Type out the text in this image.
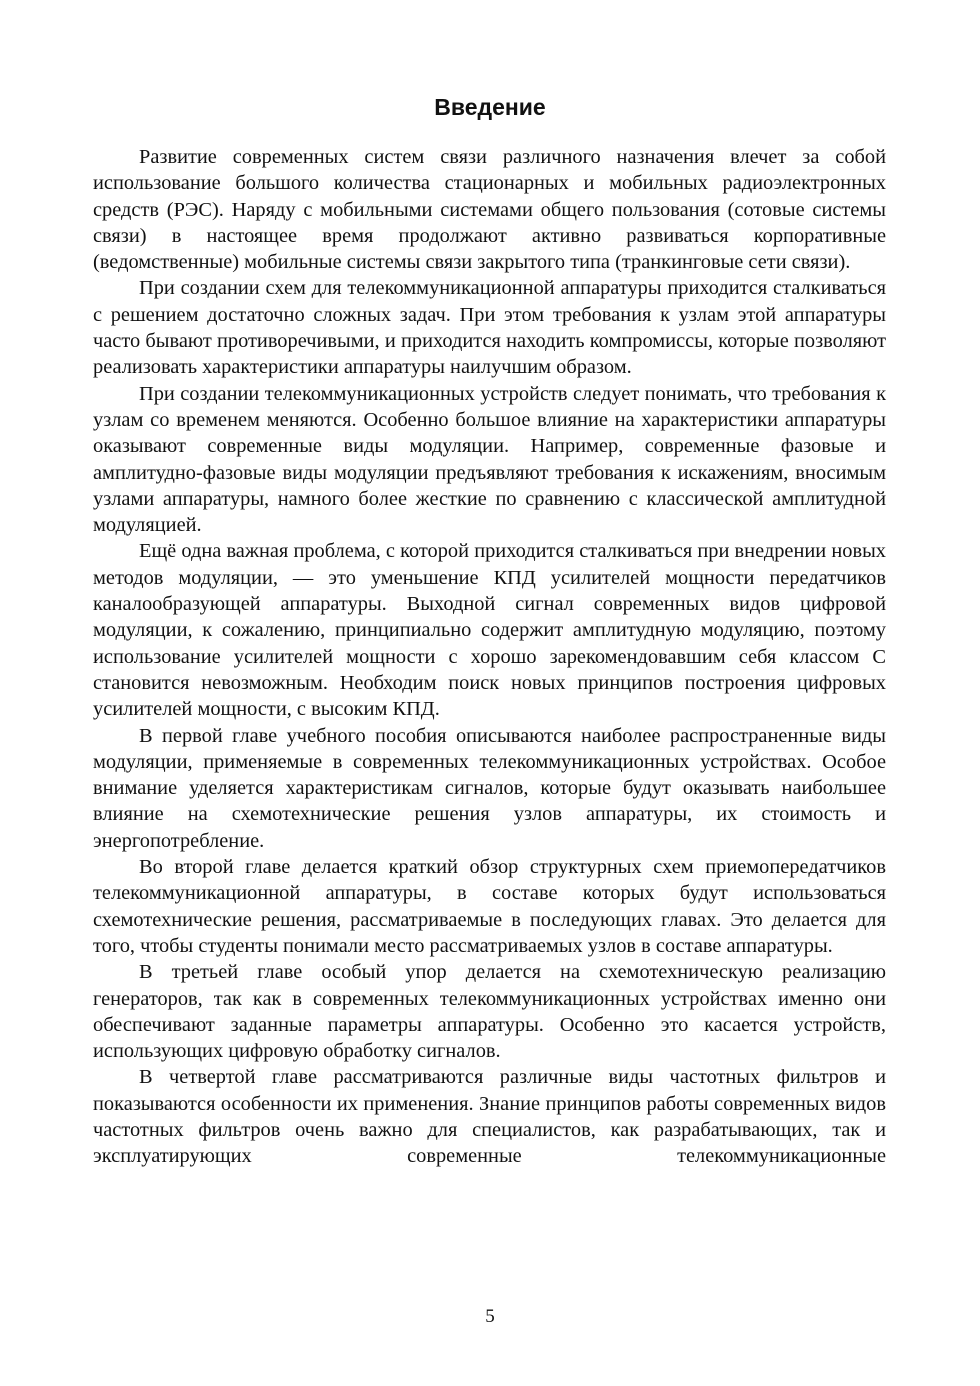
Введение

Развитие современных систем связи различного назначения влечет за собой использование большого количества стационарных и мобильных радиоэлектронных средств (РЭС). Наряду с мобильными системами общего пользования (сотовые системы связи) в настоящее время продолжают активно развиваться корпоративные (ведомственные) мобильные системы связи закрытого типа (транкинговые сети связи).

При создании схем для телекоммуникационной аппаратуры приходится сталкиваться с решением достаточно сложных задач. При этом требования к узлам этой аппаратуры часто бывают противоречивыми, и приходится находить компромиссы, которые позволяют реализовать характеристики аппаратуры наилучшим образом.

При создании телекоммуникационных устройств следует понимать, что требования к узлам со временем меняются. Особенно большое влияние на характеристики аппаратуры оказывают современные виды модуляции. Например, современные фазовые и амплитудно-фазовые виды модуляции предъявляют требования к искажениям, вносимым узлами аппаратуры, намного более жесткие по сравнению с классической амплитудной модуляцией.

Ещё одна важная проблема, с которой приходится сталкиваться при внедрении новых методов модуляции, — это уменьшение КПД усилителей мощности передатчиков каналообразующей аппаратуры. Выходной сигнал современных видов цифровой модуляции, к сожалению, принципиально содержит амплитудную модуляцию, поэтому использование усилителей мощности с хорошо зарекомендовавшим себя классом С становится невозможным. Необходим поиск новых принципов построения цифровых усилителей мощности, с высоким КПД.

В первой главе учебного пособия описываются наиболее распространенные виды модуляции, применяемые в современных телекоммуникационных устройствах. Особое внимание уделяется характеристикам сигналов, которые будут оказывать наибольшее влияние на схемотехнические решения узлов аппаратуры, их стоимость и энергопотребление.

Во второй главе делается краткий обзор структурных схем приемопередатчиков телекоммуникационной аппаратуры, в составе которых будут использоваться схемотехнические решения, рассматриваемые в последующих главах. Это делается для того, чтобы студенты понимали место рассматриваемых узлов в составе аппаратуры.

В третьей главе особый упор делается на схемотехническую реализацию генераторов, так как в современных телекоммуникационных устройствах именно они обеспечивают заданные параметры аппаратуры. Особенно это касается устройств, использующих цифровую обработку сигналов.

В четвертой главе рассматриваются различные виды частотных фильтров и показываются особенности их применения. Знание принципов работы современных видов частотных фильтров очень важно для специалистов, как разрабатывающих, так и эксплуатирующих современные телекоммуникационные

5
